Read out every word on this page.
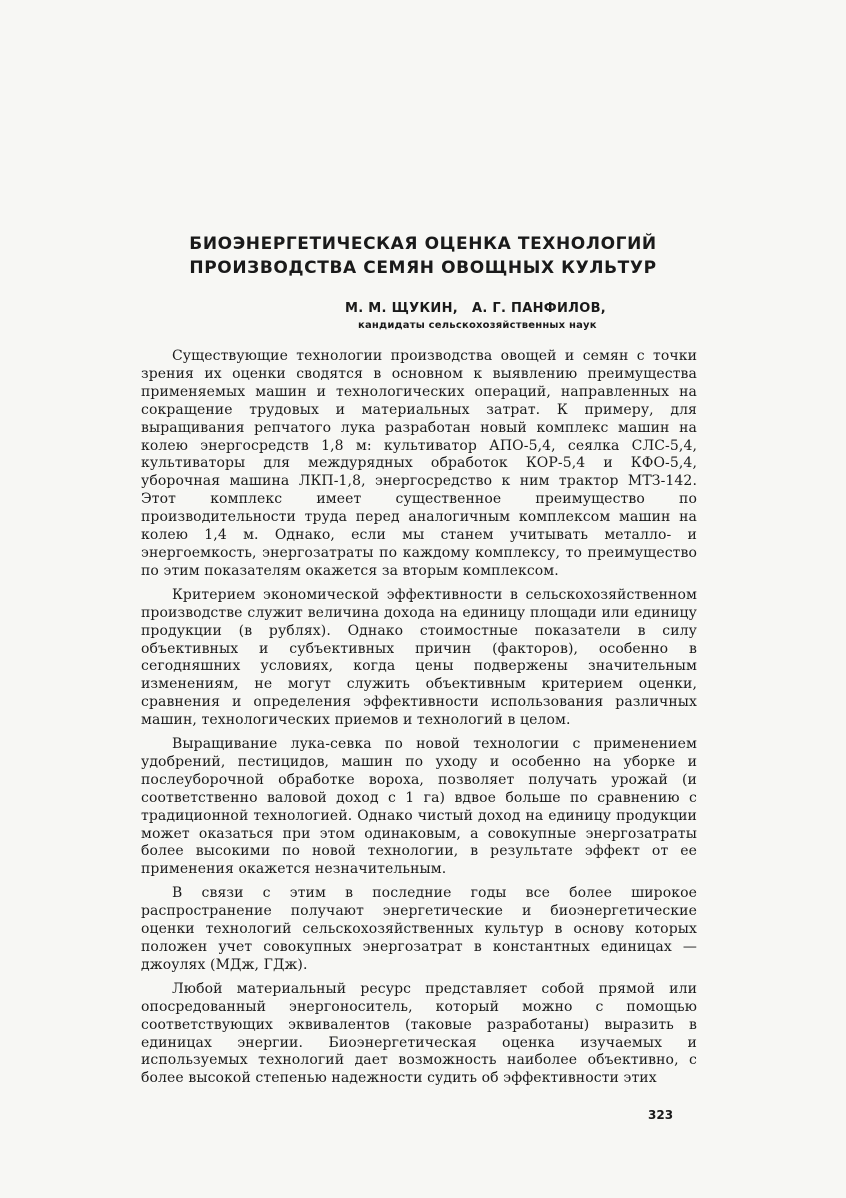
БИОЭНЕРГЕТИЧЕСКАЯ ОЦЕНКА ТЕХНОЛОГИЙ
ПРОИЗВОДСТВА СЕМЯН ОВОЩНЫХ КУЛЬТУР
М. М. ЩУКИН, А. Г. ПАНФИЛОВ,
кандидаты сельскохозяйственных наук

Существующие технологии производства овощей и семян с точки зрения их оценки сводятся в основном к выявлению преимущества применяемых машин и технологических операций, направленных на сокращение трудовых и материальных затрат. К примеру, для выращивания репчатого лука разработан новый комплекс машин на колею энергосредств 1,8 м: культиватор АПО-5,4, сеялка СЛС-5,4, культиваторы для междурядных обработок КОР-5,4 и КФО-5,4, уборочная машина ЛКП-1,8, энергосредство к ним трактор МТЗ-142. Этот комплекс имеет существенное преимущество по производительности труда перед аналогичным комплексом машин на колею 1,4 м. Однако, если мы станем учитывать металло- и энергоемкость, энергозатраты по каждому комплексу, то преимущество по этим показателям окажется за вторым комплексом.

Критерием экономической эффективности в сельскохозяйственном производстве служит величина дохода на единицу площади или единицу продукции (в рублях). Однако стоимостные показатели в силу объективных и субъективных причин (факторов), особенно в сегодняшних условиях, когда цены подвержены значительным изменениям, не могут служить объективным критерием оценки, сравнения и определения эффективности использования различных машин, технологических приемов и технологий в целом.

Выращивание лука-севка по новой технологии с применением удобрений, пестицидов, машин по уходу и особенно на уборке и послеуборочной обработке вороха, позволяет получать урожай (и соответственно валовой доход с 1 га) вдвое больше по сравнению с традиционной технологией. Однако чистый доход на единицу продукции может оказаться при этом одинаковым, а совокупные энергозатраты более высокими по новой технологии, в результате эффект от ее применения окажется незначительным.

В связи с этим в последние годы все более широкое распространение получают энергетические и биоэнергетические оценки технологий сельскохозяйственных культур в основу которых положен учет совокупных энергозатрат в константных единицах — джоулях (МДж, ГДж).

Любой материальный ресурс представляет собой прямой или опосредованный энергоноситель, который можно с помощью соответствующих эквивалентов (таковые разработаны) выразить в единицах энергии. Биоэнергетическая оценка изучаемых и используемых технологий дает возможность наиболее объективно, с более высокой степенью надежности судить об эффективности этих

323
